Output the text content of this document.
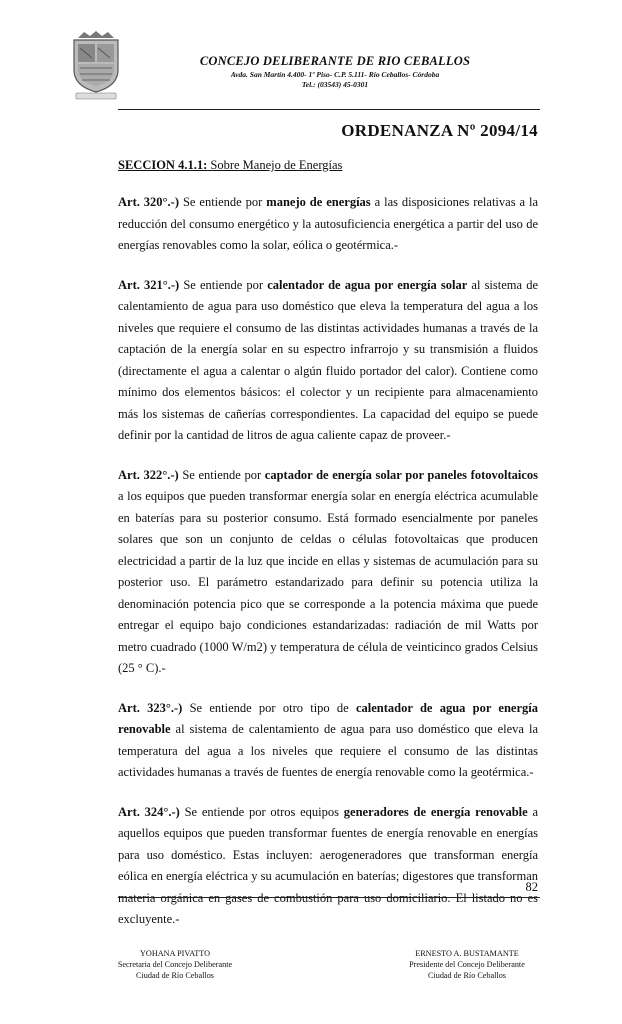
CONCEJO DELIBERANTE DE RIO CEBALLOS
Avda. San Martín 4.400- 1º Piso- C.P. 5.111- Río Ceballos- Córdoba
Tel.: (03543) 45-0301
ORDENANZA Nº 2094/14
SECCION 4.1.1: Sobre Manejo de Energías

Art. 320°.-) Se entiende por manejo de energías a las disposiciones relativas a la reducción del consumo energético y la autosuficiencia energética a partir del uso de energías renovables como la solar, eólica o geotérmica.-

Art. 321°.-) Se entiende por calentador de agua por energía solar al sistema de calentamiento de agua para uso doméstico que eleva la temperatura del agua a los niveles que requiere el consumo de las distintas actividades humanas a través de la captación de la energía solar en su espectro infrarrojo y su transmisión a fluidos (directamente el agua a calentar o algún fluido portador del calor). Contiene como mínimo dos elementos básicos: el colector y un recipiente para almacenamiento más los sistemas de cañerías correspondientes. La capacidad del equipo se puede definir por la cantidad de litros de agua caliente capaz de proveer.-

Art. 322°.-) Se entiende por captador de energía solar por paneles fotovoltaicos a los equipos que pueden transformar energía solar en energía eléctrica acumulable en baterías para su posterior consumo. Está formado esencialmente por paneles solares que son un conjunto de celdas o células fotovoltaicas que producen electricidad a partir de la luz que incide en ellas y sistemas de acumulación para su posterior uso. El parámetro estandarizado para definir su potencia utiliza la denominación potencia pico que se corresponde a la potencia máxima que puede entregar el equipo bajo condiciones estandarizadas: radiación de mil Watts por metro cuadrado (1000 W/m2) y temperatura de célula de veinticinco grados Celsius (25 ° C).-

Art. 323°.-) Se entiende por otro tipo de calentador de agua por energía renovable al sistema de calentamiento de agua para uso doméstico que eleva la temperatura del agua a los niveles que requiere el consumo de las distintas actividades humanas a través de fuentes de energía renovable como la geotérmica.-

Art. 324°.-) Se entiende por otros equipos generadores de energía renovable a aquellos equipos que pueden transformar fuentes de energía renovable en energías para uso doméstico. Estas incluyen: aerogeneradores que transforman energía eólica en energía eléctrica y su acumulación en baterías; digestores que transforman materia orgánica en gases de combustión para uso domiciliario. El listado no es excluyente.-

82
YOHANA PIVATTO
Secretaria del Concejo Deliberante
Ciudad de Río Ceballos
ERNESTO A. BUSTAMANTE
Presidente del Concejo Deliberante
Ciudad de Río Ceballos
